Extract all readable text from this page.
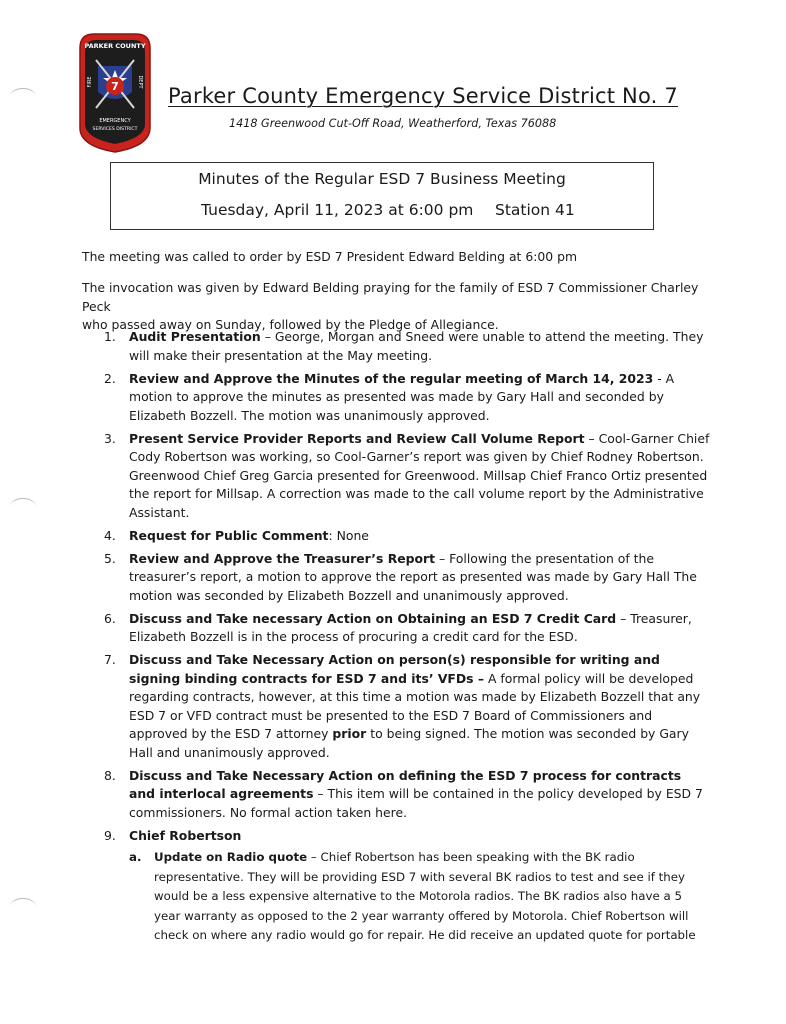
PARKER COUNTY
7
FIRE	DEPT
EMERGENCY
SERVICES DISTRICT
Parker County Emergency Service District No. 7
1418 Greenwood Cut-Off Road, Weatherford, Texas 76088
Minutes of the Regular ESD 7 Business Meeting
Tuesday, April 11, 2023 at 6:00 pm Station 41
The meeting was called to order by ESD 7 President Edward Belding at 6:00 pm
The invocation was given by Edward Belding praying for the family of ESD 7 Commissioner Charley Peck
who passed away on Sunday, followed by the Pledge of Allegiance.
1. Audit Presentation – George, Morgan and Sneed were unable to attend the meeting. They will make their presentation at the May meeting.
2. Review and Approve the Minutes of the regular meeting of March 14, 2023 - A motion to approve the minutes as presented was made by Gary Hall and seconded by Elizabeth Bozzell. The motion was unanimously approved.
3. Present Service Provider Reports and Review Call Volume Report – Cool-Garner Chief Cody Robertson was working, so Cool-Garner’s report was given by Chief Rodney Robertson. Greenwood Chief Greg Garcia presented for Greenwood. Millsap Chief Franco Ortiz presented the report for Millsap. A correction was made to the call volume report by the Administrative Assistant.
4. Request for Public Comment: None
5. Review and Approve the Treasurer’s Report – Following the presentation of the treasurer’s report, a motion to approve the report as presented was made by Gary Hall The motion was seconded by Elizabeth Bozzell and unanimously approved.
6. Discuss and Take necessary Action on Obtaining an ESD 7 Credit Card – Treasurer, Elizabeth Bozzell is in the process of procuring a credit card for the ESD.
7. Discuss and Take Necessary Action on person(s) responsible for writing and signing binding contracts for ESD 7 and its’ VFDs – A formal policy will be developed regarding contracts, however, at this time a motion was made by Elizabeth Bozzell that any ESD 7 or VFD contract must be presented to the ESD 7 Board of Commissioners and approved by the ESD 7 attorney prior to being signed. The motion was seconded by Gary Hall and unanimously approved.
8. Discuss and Take Necessary Action on defining the ESD 7 process for contracts and interlocal agreements – This item will be contained in the policy developed by ESD 7 commissioners. No formal action taken here.
9. Chief Robertson
a. Update on Radio quote – Chief Robertson has been speaking with the BK radio representative. They will be providing ESD 7 with several BK radios to test and see if they would be a less expensive alternative to the Motorola radios. The BK radios also have a 5 year warranty as opposed to the 2 year warranty offered by Motorola. Chief Robertson will check on where any radio would go for repair. He did receive an updated quote for portable
